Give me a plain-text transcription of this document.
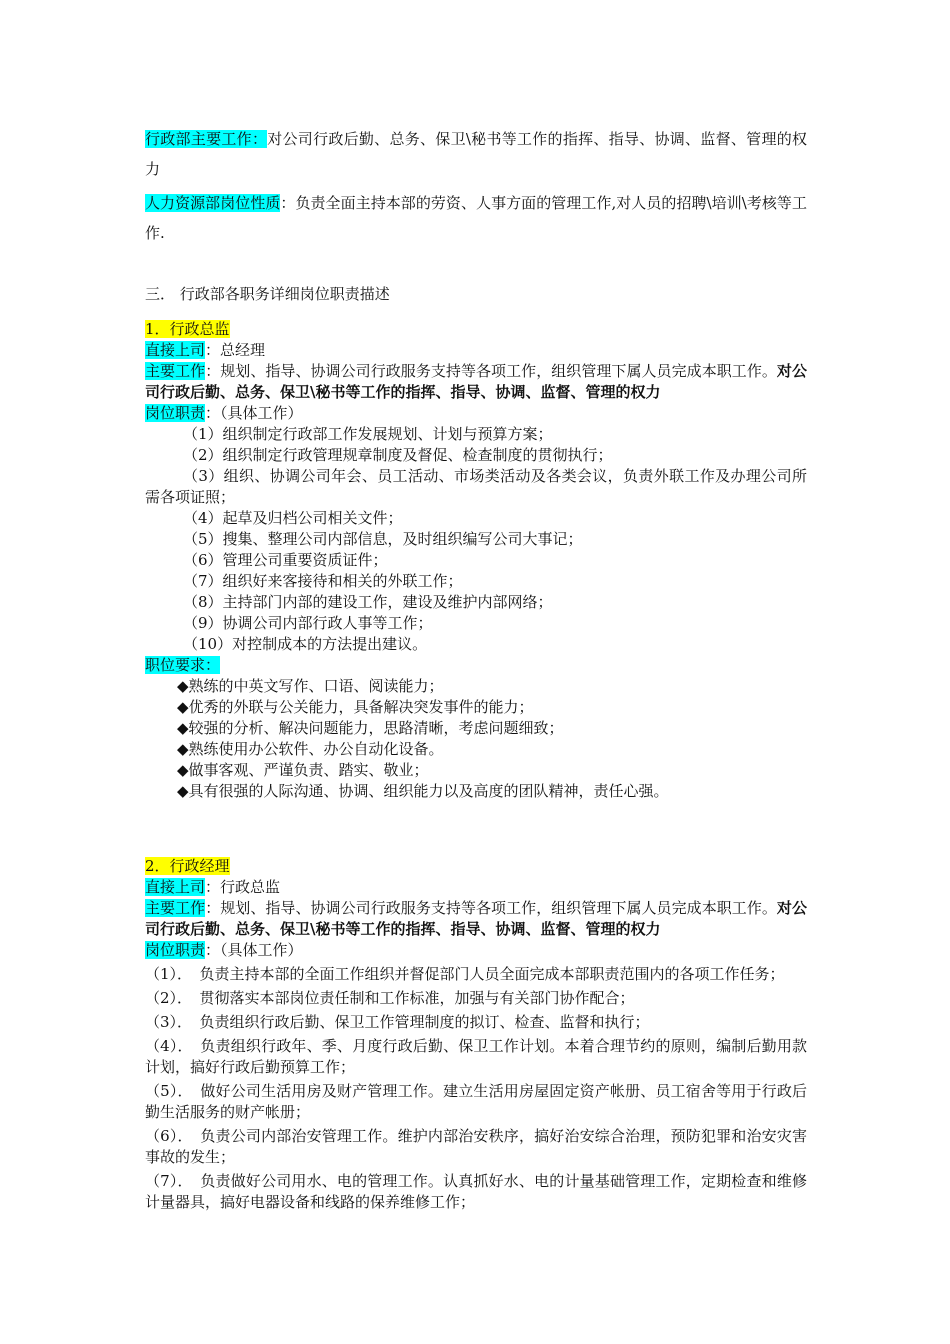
行政部主要工作：对公司行政后勤、总务、保卫\秘书等工作的指挥、指导、协调、监督、管理的权力
人力资源部岗位性质：负责全面主持本部的劳资、人事方面的管理工作,对人员的招聘\培训\考核等工作.
三． 行政部各职务详细岗位职责描述
1．行政总监
直接上司：总经理
主要工作：规划、指导、协调公司行政服务支持等各项工作，组织管理下属人员完成本职工作。对公司行政后勤、总务、保卫\秘书等工作的指挥、指导、协调、监督、管理的权力
岗位职责：（具体工作）
（1）组织制定行政部工作发展规划、计划与预算方案；
（2）组织制定行政管理规章制度及督促、检查制度的贯彻执行；
（3）组织、协调公司年会、员工活动、市场类活动及各类会议，负责外联工作及办理公司所需各项证照；
（4）起草及归档公司相关文件；
（5）搜集、整理公司内部信息，及时组织编写公司大事记；
（6）管理公司重要资质证件；
（7）组织好来客接待和相关的外联工作；
（8）主持部门内部的建设工作，建设及维护内部网络；
（9）协调公司内部行政人事等工作；
（10）对控制成本的方法提出建议。
职位要求：
◆熟练的中英文写作、口语、阅读能力；
◆优秀的外联与公关能力，具备解决突发事件的能力；
◆较强的分析、解决问题能力，思路清晰，考虑问题细致；
◆熟练使用办公软件、办公自动化设备。
◆做事客观、严谨负责、踏实、敬业；
◆具有很强的人际沟通、协调、组织能力以及高度的团队精神，责任心强。
2．行政经理
直接上司：行政总监
主要工作：规划、指导、协调公司行政服务支持等各项工作，组织管理下属人员完成本职工作。对公司行政后勤、总务、保卫\秘书等工作的指挥、指导、协调、监督、管理的权力
岗位职责：（具体工作）
（1）．　负责主持本部的全面工作组织并督促部门人员全面完成本部职责范围内的各项工作任务；
（2）．　贯彻落实本部岗位责任制和工作标准，加强与有关部门协作配合；
（3）．　负责组织行政后勤、保卫工作管理制度的拟订、检查、监督和执行；
（4）．　负责组织行政年、季、月度行政后勤、保卫工作计划。本着合理节约的原则，编制后勤用款计划，搞好行政后勤预算工作；
（5）．　做好公司生活用房及财产管理工作。建立生活用房屋固定资产帐册、员工宿舍等用于行政后勤生活服务的财产帐册；
（6）．　负责公司内部治安管理工作。维护内部治安秩序，搞好治安综合治理，预防犯罪和治安灾害事故的发生；
（7）．　负责做好公司用水、电的管理工作。认真抓好水、电的计量基础管理工作，定期检查和维修计量器具，搞好电器设备和线路的保养维修工作；
